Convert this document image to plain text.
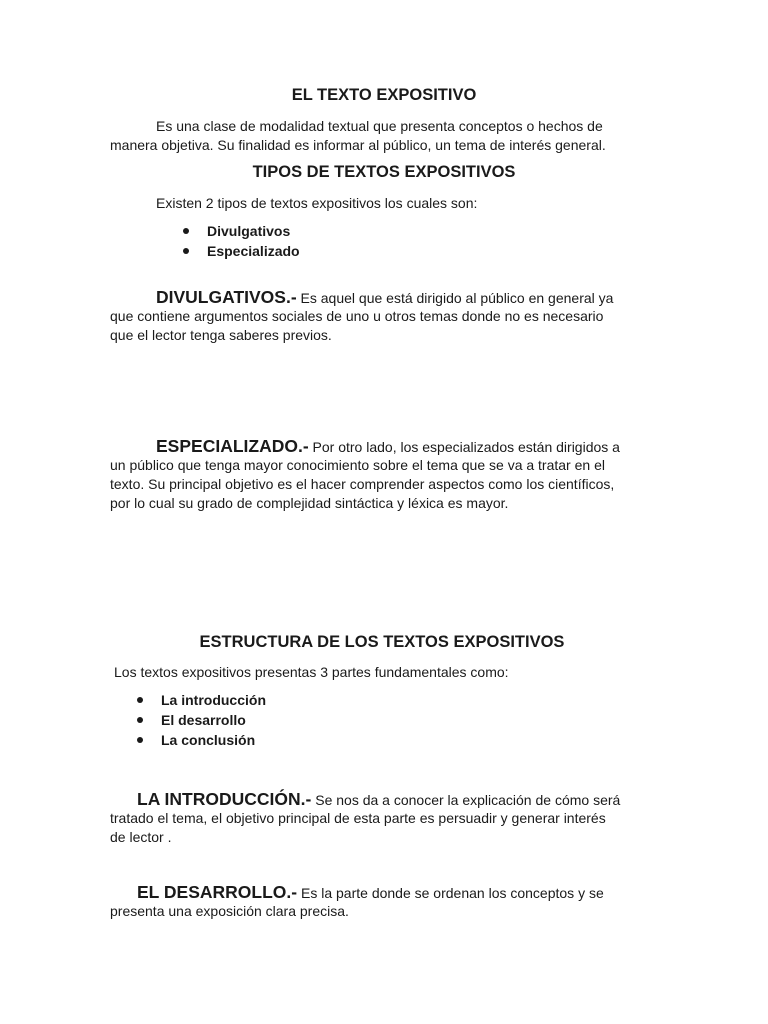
EL TEXTO EXPOSITIVO
Es una clase de modalidad textual que presenta conceptos o hechos de
manera objetiva. Su finalidad es informar al público, un tema de interés general.
TIPOS DE TEXTOS EXPOSITIVOS

Existen 2 tipos de textos expositivos los cuales son:

Divulgativos
Especializado
DIVULGATIVOS.- Es aquel que está dirigido al público en general ya
que contiene argumentos sociales de uno u otros temas donde no es necesario
que el lector tenga saberes previos.
ESPECIALIZADO.- Por otro lado, los especializados están dirigidos a
un público que tenga mayor conocimiento sobre el tema que se va a tratar en el
texto. Su principal objetivo es el hacer comprender aspectos como los científicos,
por lo cual su grado de complejidad sintáctica y léxica es mayor.
ESTRUCTURA DE LOS TEXTOS EXPOSITIVOS

Los textos expositivos presentas 3 partes fundamentales como:

La introducción
El desarrollo
La conclusión
LA INTRODUCCIÓN.- Se nos da a conocer la explicación de cómo será
tratado el tema, el objetivo principal de esta parte es persuadir y generar interés
de lector .
EL DESARROLLO.- Es la parte donde se ordenan los conceptos y se
presenta una exposición clara precisa.
